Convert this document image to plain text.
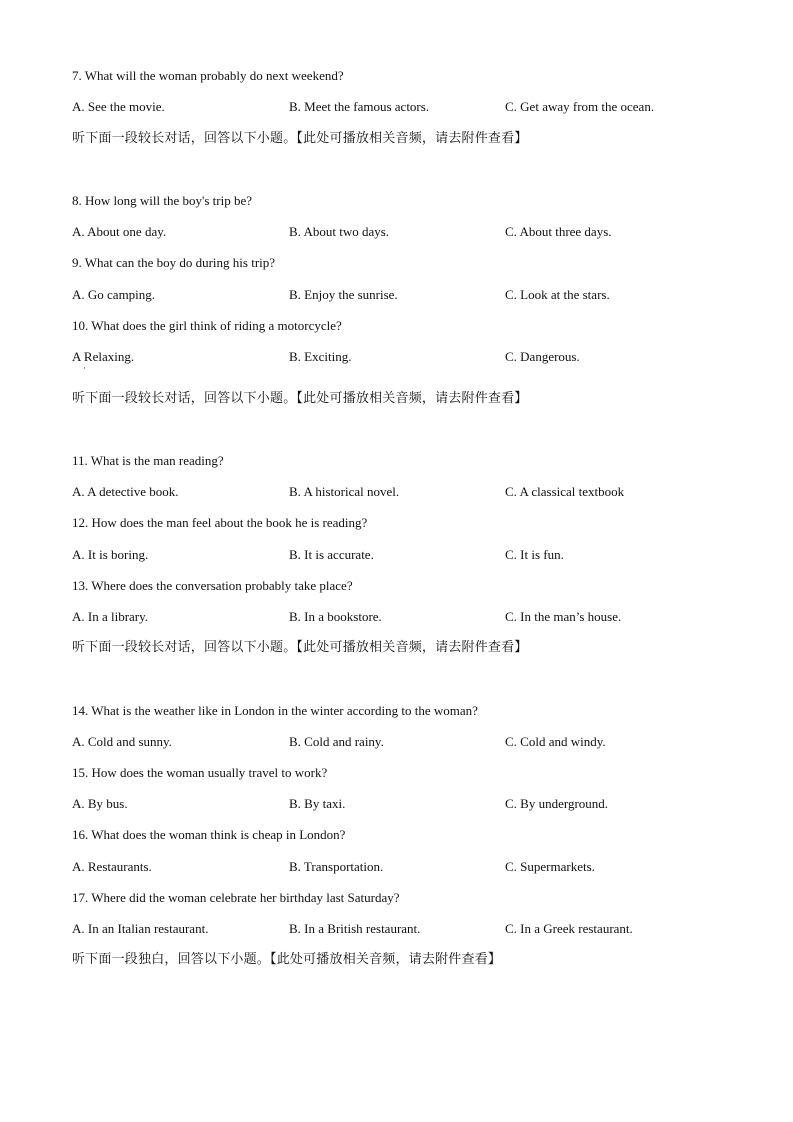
7. What will the woman probably do next weekend?
A. See the movie.	B. Meet the famous actors.	C. Get away from the ocean.
听下面一段较长对话，回答以下小题。【此处可播放相关音频，请去附件查看】
8. How long will the boy's trip be?
A. About one day.	B. About two days.	C. About three days.
9. What can the boy do during his trip?
A. Go camping.	B. Enjoy the sunrise.	C. Look at the stars.
10. What does the girl think of riding a motorcycle?
A Relaxing.	B. Exciting.	C. Dangerous.
·
听下面一段较长对话，回答以下小题。【此处可播放相关音频，请去附件查看】
11. What is the man reading?
A. A detective book.	B. A historical novel.	C. A classical textbook
12. How does the man feel about the book he is reading?
A. It is boring.	B. It is accurate.	C. It is fun.
13. Where does the conversation probably take place?
A. In a library.	B. In a bookstore.	C. In the man’s house.
听下面一段较长对话，回答以下小题。【此处可播放相关音频，请去附件查看】
14. What is the weather like in London in the winter according to the woman?
A. Cold and sunny.	B. Cold and rainy.	C. Cold and windy.
15. How does the woman usually travel to work?
A. By bus.	B. By taxi.	C. By underground.
16. What does the woman think is cheap in London?
A. Restaurants.	B. Transportation.	C. Supermarkets.
17. Where did the woman celebrate her birthday last Saturday?
A. In an Italian restaurant.	B. In a British restaurant.	C. In a Greek restaurant.
听下面一段独白，回答以下小题。【此处可播放相关音频，请去附件查看】
